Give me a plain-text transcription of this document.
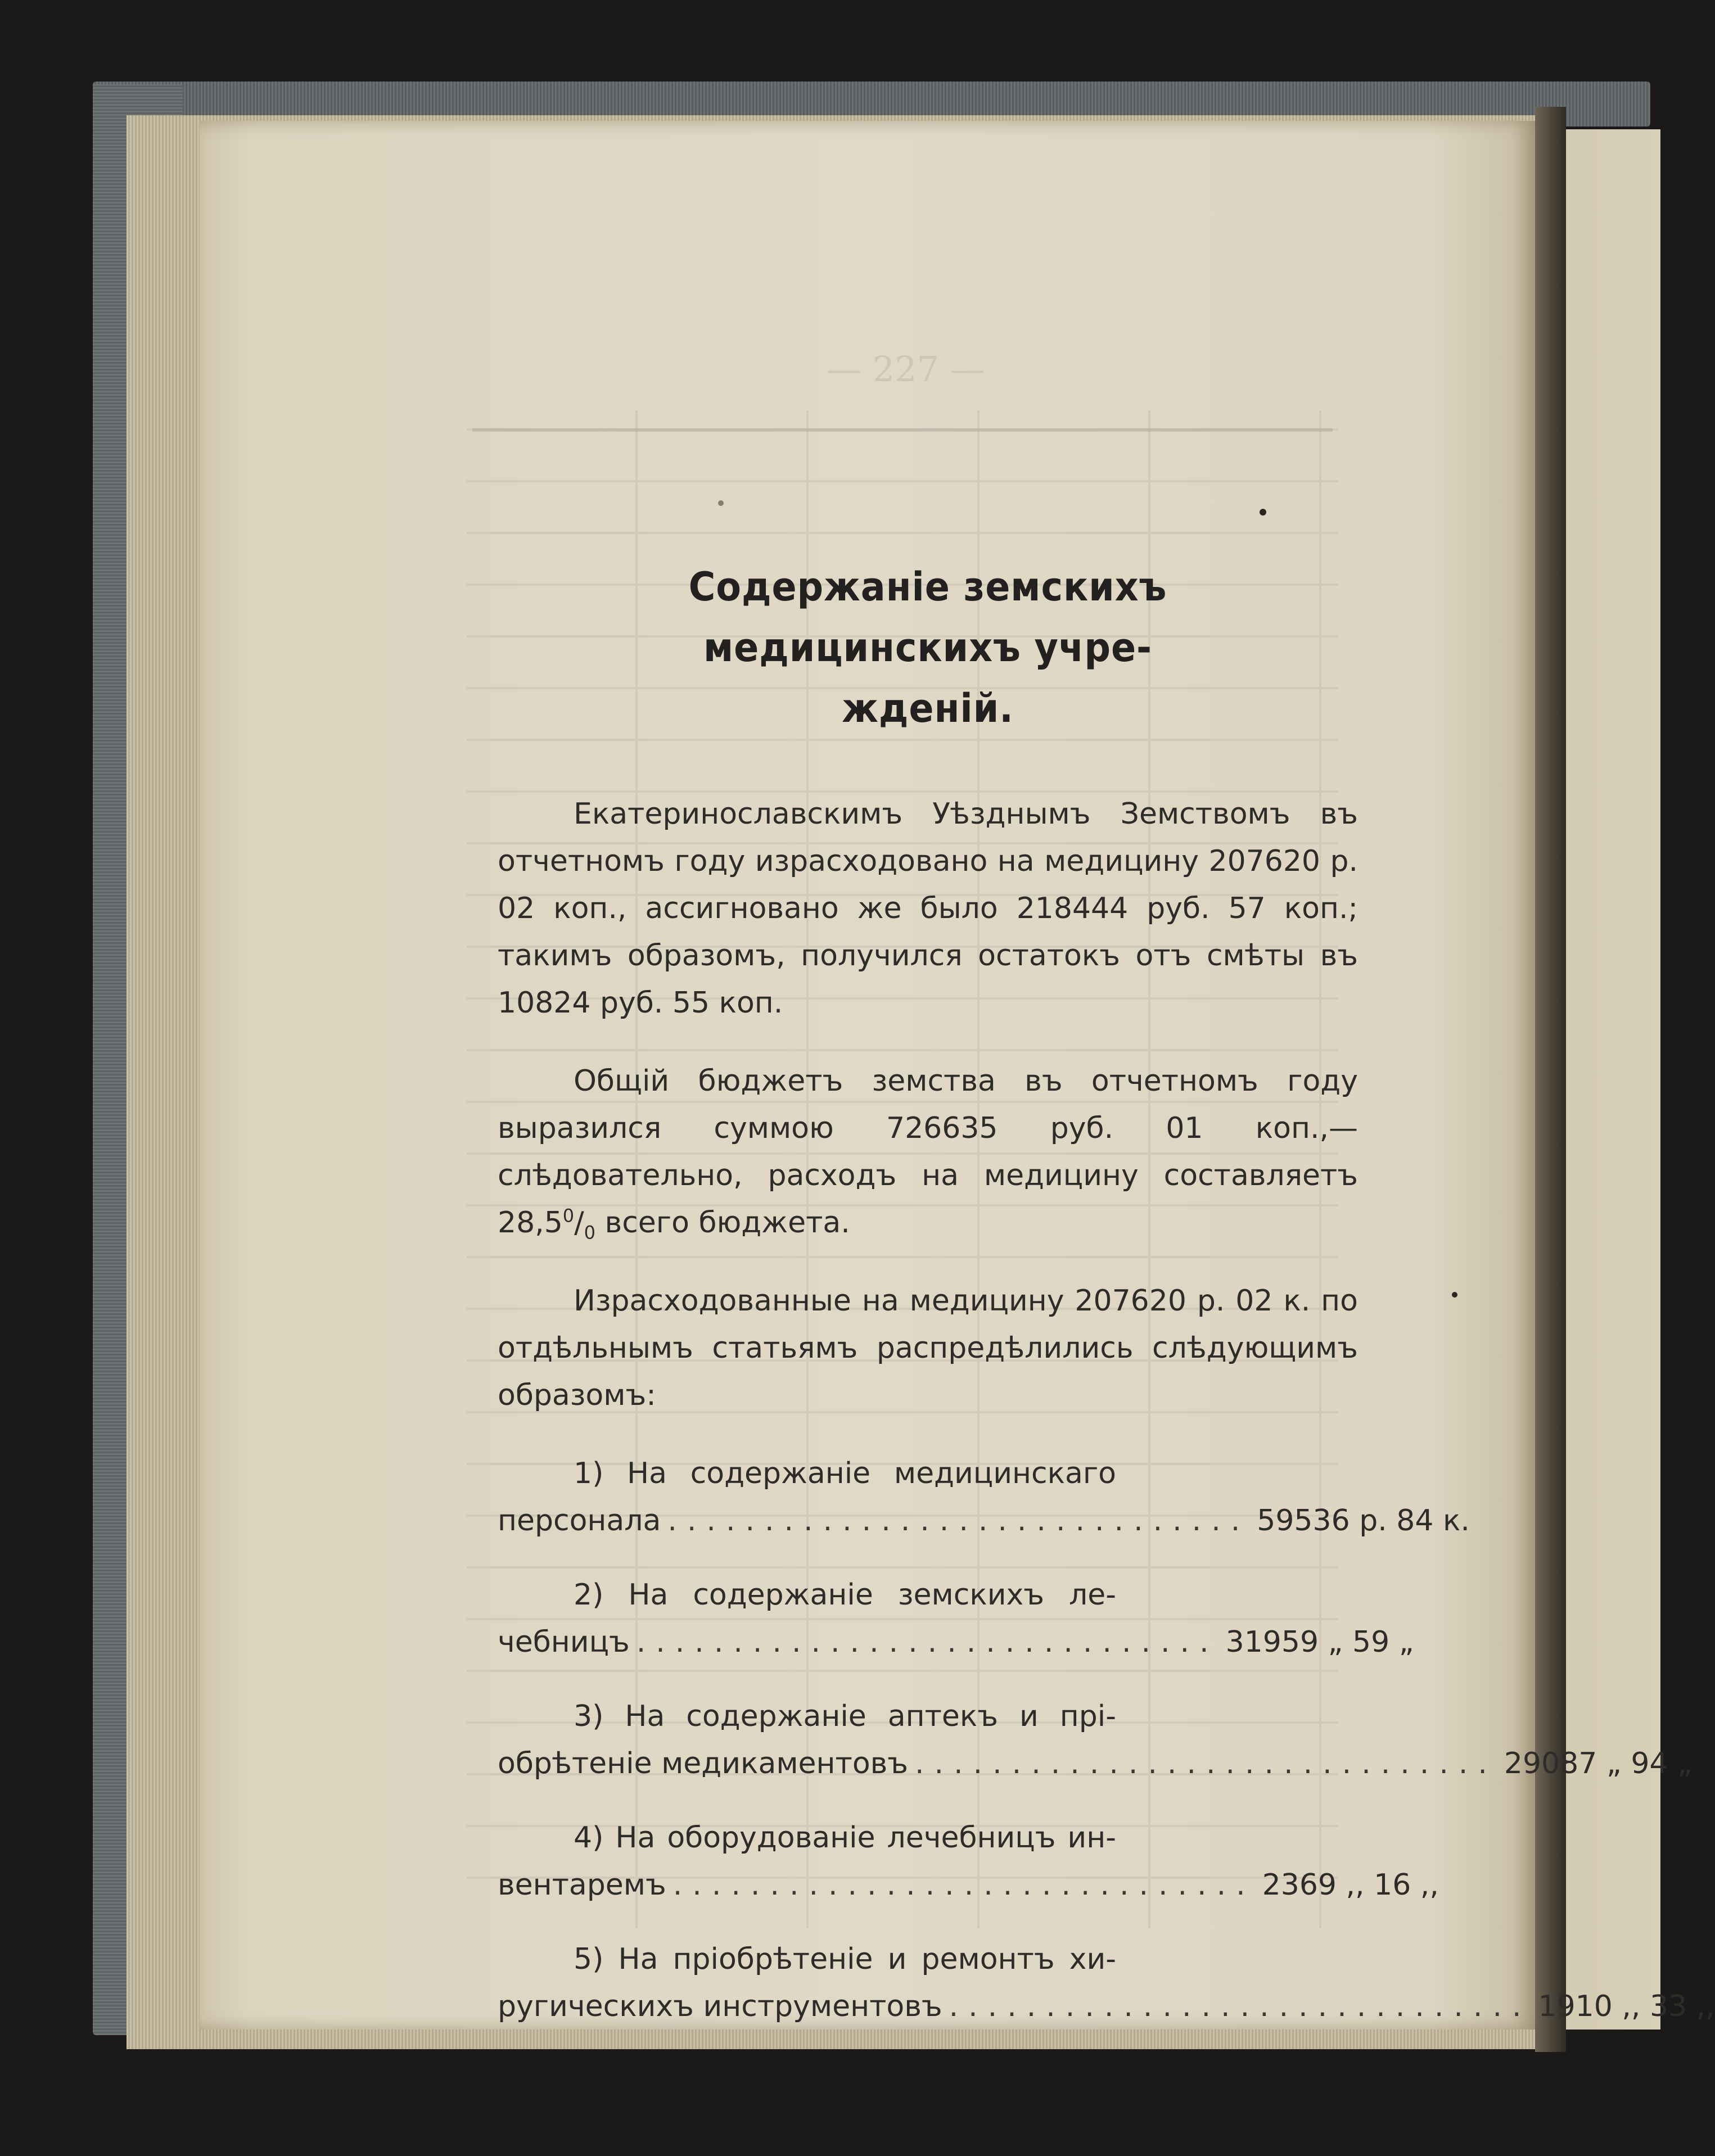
— 227 —
Содержаніе земскихъ медицинскихъ учре-
жденій.

Екатеринославскимъ Уѣзднымъ Земствомъ въ отчетномъ году израсходовано на медицину 207620 р. 02 коп., ассигновано же было 218444 руб. 57 коп.; такимъ образомъ, получился остатокъ отъ смѣты въ 10824 руб. 55 коп.

Общій бюджетъ земства въ отчетномъ году выразился суммою 726635 руб. 01 коп.,—слѣдовательно, расходъ на медицину составляетъ $28,5^0/_0$ всего бюджета.

Израсходованные на медицину 207620 р. 02 к. по отдѣльнымъ статьямъ распредѣлились слѣдующимъ образомъ:

1) На содержаніе медицинскаго
персонала .............................. 59536 р. 84 к.
2) На содержаніе земскихъ ле-
чебницъ .............................. 31959 „ 59 „
3) На содержаніе аптекъ и прі-
обрѣтеніе медикаментовъ .............................. 29087 „ 94 „
4) На оборудованіе лечебницъ ин-
вентаремъ .............................. 2369 ,, 16 ,,
5) На пріобрѣтеніе и ремонтъ хи-
ругическихъ инструментовъ .............................. 1910 ,, 33 ,,
